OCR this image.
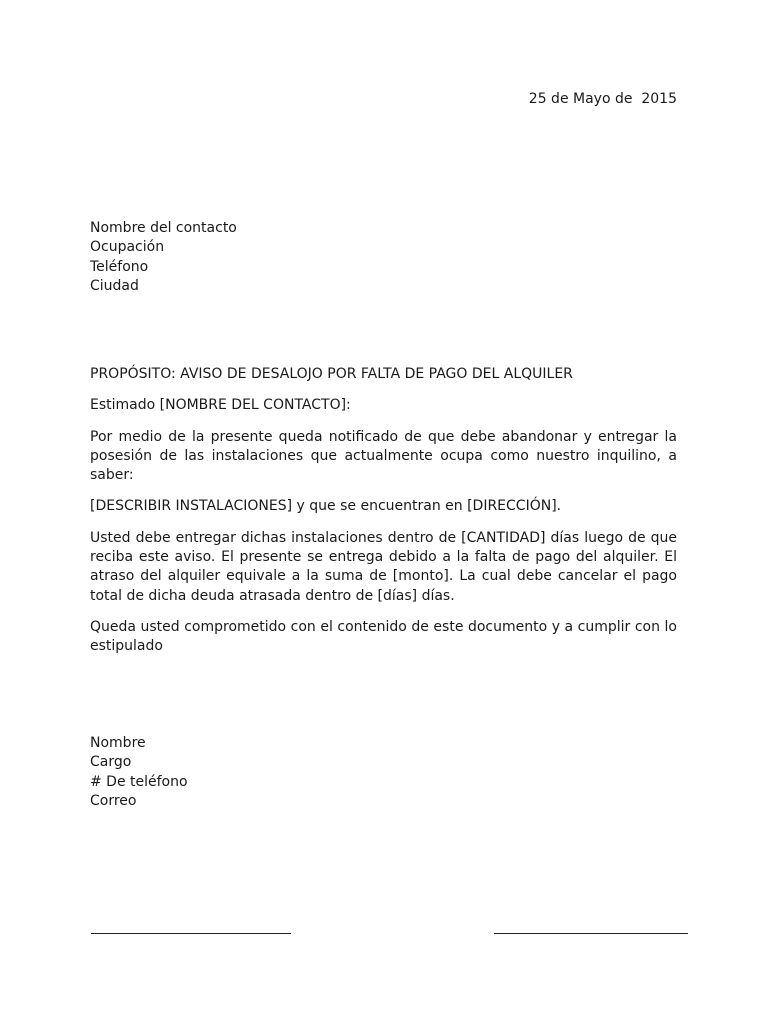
25 de Mayo de  2015
Nombre del contacto
Ocupación
Teléfono
Ciudad

PROPÓSITO: AVISO DE DESALOJO POR FALTA DE PAGO DEL ALQUILER

Estimado [NOMBRE DEL CONTACTO]:

Por medio de la presente queda notificado de que debe abandonar y entregar la posesión de las instalaciones que actualmente ocupa como nuestro inquilino, a saber:

[DESCRIBIR INSTALACIONES] y que se encuentran en [DIRECCIÓN].

Usted debe entregar dichas instalaciones dentro de [CANTIDAD] días luego de que reciba este aviso. El presente se entrega debido a la falta de pago del alquiler. El atraso del alquiler equivale a la suma de [monto]. La cual debe cancelar el pago total de dicha deuda atrasada dentro de [días] días.

Queda usted comprometido con el contenido de este documento y a cumplir con lo estipulado

Nombre
Cargo
# De teléfono
Correo
